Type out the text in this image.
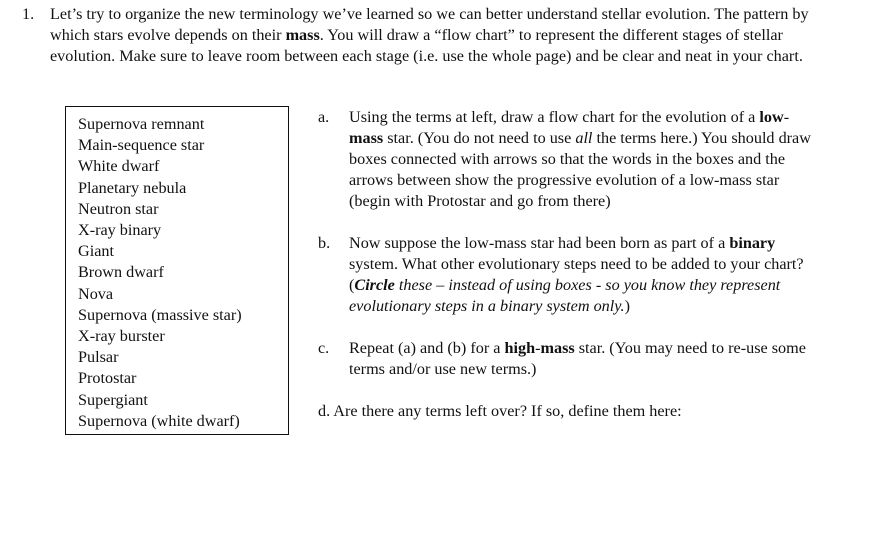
1. Let’s try to organize the new terminology we’ve learned so we can better understand stellar evolution. The pattern by which stars evolve depends on their mass. You will draw a “flow chart” to represent the different stages of stellar evolution. Make sure to leave room between each stage (i.e. use the whole page) and be clear and neat in your chart.

Supernova remnant
Main-sequence star
White dwarf
Planetary nebula
Neutron star
X-ray binary
Giant
Brown dwarf
Nova
Supernova (massive star)
X-ray burster
Pulsar
Protostar
Supergiant
Supernova (white dwarf)

a. Using the terms at left, draw a flow chart for the evolution of a low-mass star. (You do not need to use all the terms here.) You should draw boxes connected with arrows so that the words in the boxes and the arrows between show the progressive evolution of a low-mass star (begin with Protostar and go from there)

b. Now suppose the low-mass star had been born as part of a binary system. What other evolutionary steps need to be added to your chart? (Circle these – instead of using boxes - so you know they represent evolutionary steps in a binary system only.)

c. Repeat (a) and (b) for a high-mass star. (You may need to re-use some terms and/or use new terms.)

d. Are there any terms left over? If so, define them here:
